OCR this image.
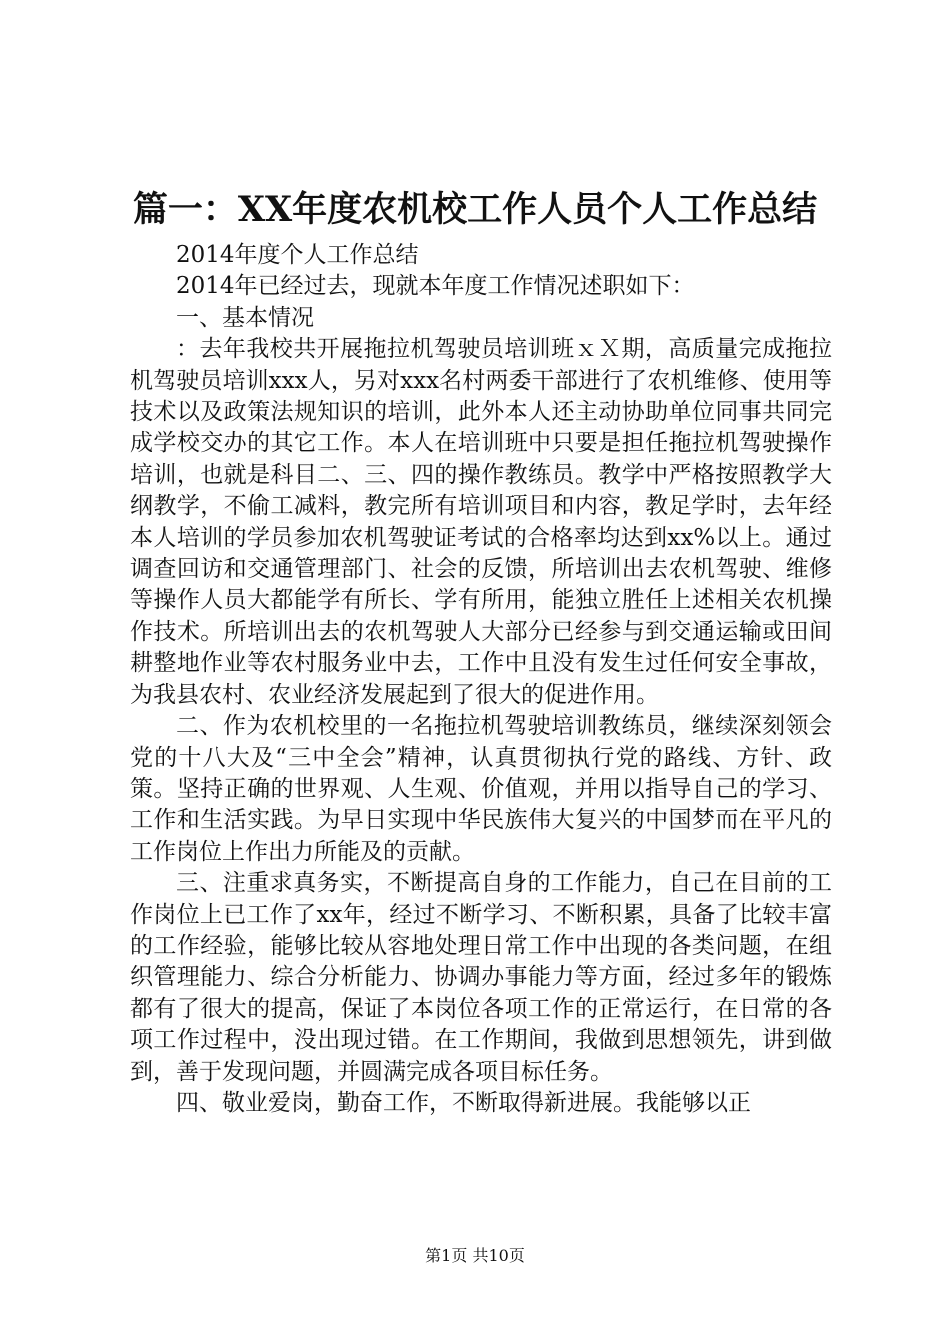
篇一：XX年度农机校工作人员个人工作总结

2014年度个人工作总结

2014年已经过去，现就本年度工作情况述职如下：

一、基本情况

：去年我校共开展拖拉机驾驶员培训班ｘＸ期，高质量完成拖拉机驾驶员培训xxx人，另对xxx名村两委干部进行了农机维修、使用等技术以及政策法规知识的培训，此外本人还主动协助单位同事共同完成学校交办的其它工作。本人在培训班中只要是担任拖拉机驾驶操作培训，也就是科目二、三、四的操作教练员。教学中严格按照教学大纲教学，不偷工减料，教完所有培训项目和内容，教足学时，去年经本人培训的学员参加农机驾驶证考试的合格率均达到xx%以上。通过调查回访和交通管理部门、社会的反馈，所培训出去农机驾驶、维修等操作人员大都能学有所长、学有所用，能独立胜任上述相关农机操作技术。所培训出去的农机驾驶人大部分已经参与到交通运输或田间耕整地作业等农村服务业中去，工作中且没有发生过任何安全事故，为我县农村、农业经济发展起到了很大的促进作用。

二、作为农机校里的一名拖拉机驾驶培训教练员，继续深刻领会党的十八大及“三中全会”精神，认真贯彻执行党的路线、方针、政策。坚持正确的世界观、人生观、价值观，并用以指导自己的学习、工作和生活实践。为早日实现中华民族伟大复兴的中国梦而在平凡的工作岗位上作出力所能及的贡献。

三、注重求真务实，不断提高自身的工作能力，自己在目前的工作岗位上已工作了xx年，经过不断学习、不断积累，具备了比较丰富的工作经验，能够比较从容地处理日常工作中出现的各类问题，在组织管理能力、综合分析能力、协调办事能力等方面，经过多年的锻炼都有了很大的提高，保证了本岗位各项工作的正常运行，在日常的各项工作过程中，没出现过错。在工作期间，我做到思想领先，讲到做到，善于发现问题，并圆满完成各项目标任务。

四、敬业爱岗，勤奋工作，不断取得新进展。我能够以正

第1页 共10页
